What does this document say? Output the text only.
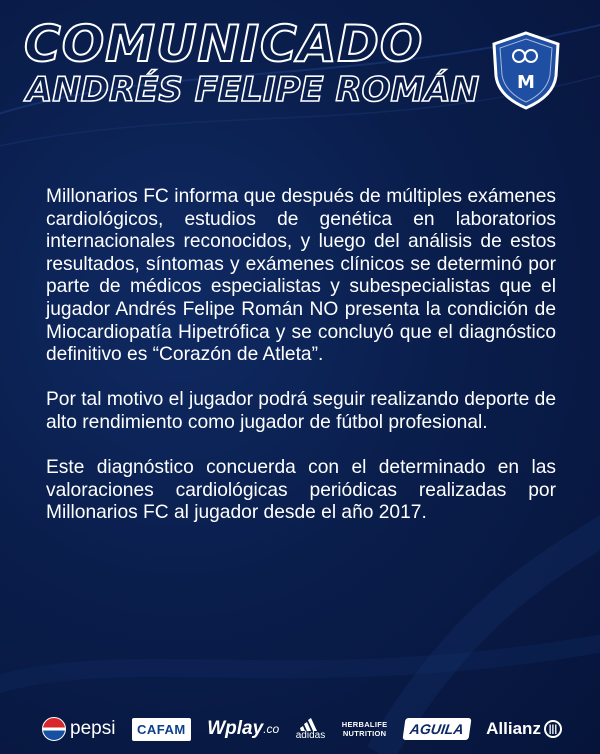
COMUNICADO
ANDRÉS FELIPE ROMÁN M

Millonarios FC informa que después de múltiples exámenes cardiológicos, estudios de genética en laboratorios internacionales reconocidos, y luego del análisis de estos resultados, síntomas y exámenes clínicos se determinó por parte de médicos especialistas y subespecialistas que el jugador Andrés Felipe Román NO presenta la condición de Miocardiopatía Hipetrófica y se concluyó que el diagnóstico definitivo es “Corazón de Atleta”.

Por tal motivo el jugador podrá seguir realizando deporte de alto rendimiento como jugador de fútbol profesional.

Este diagnóstico concuerda con el determinado en las valoraciones cardiológicas periódicas realizadas por Millonarios FC al jugador desde el año 2017.

pepsi	CAFAM Wplay .co adidas
HERBALIFE
NUTRITION	AGUILA	Allianz |||
